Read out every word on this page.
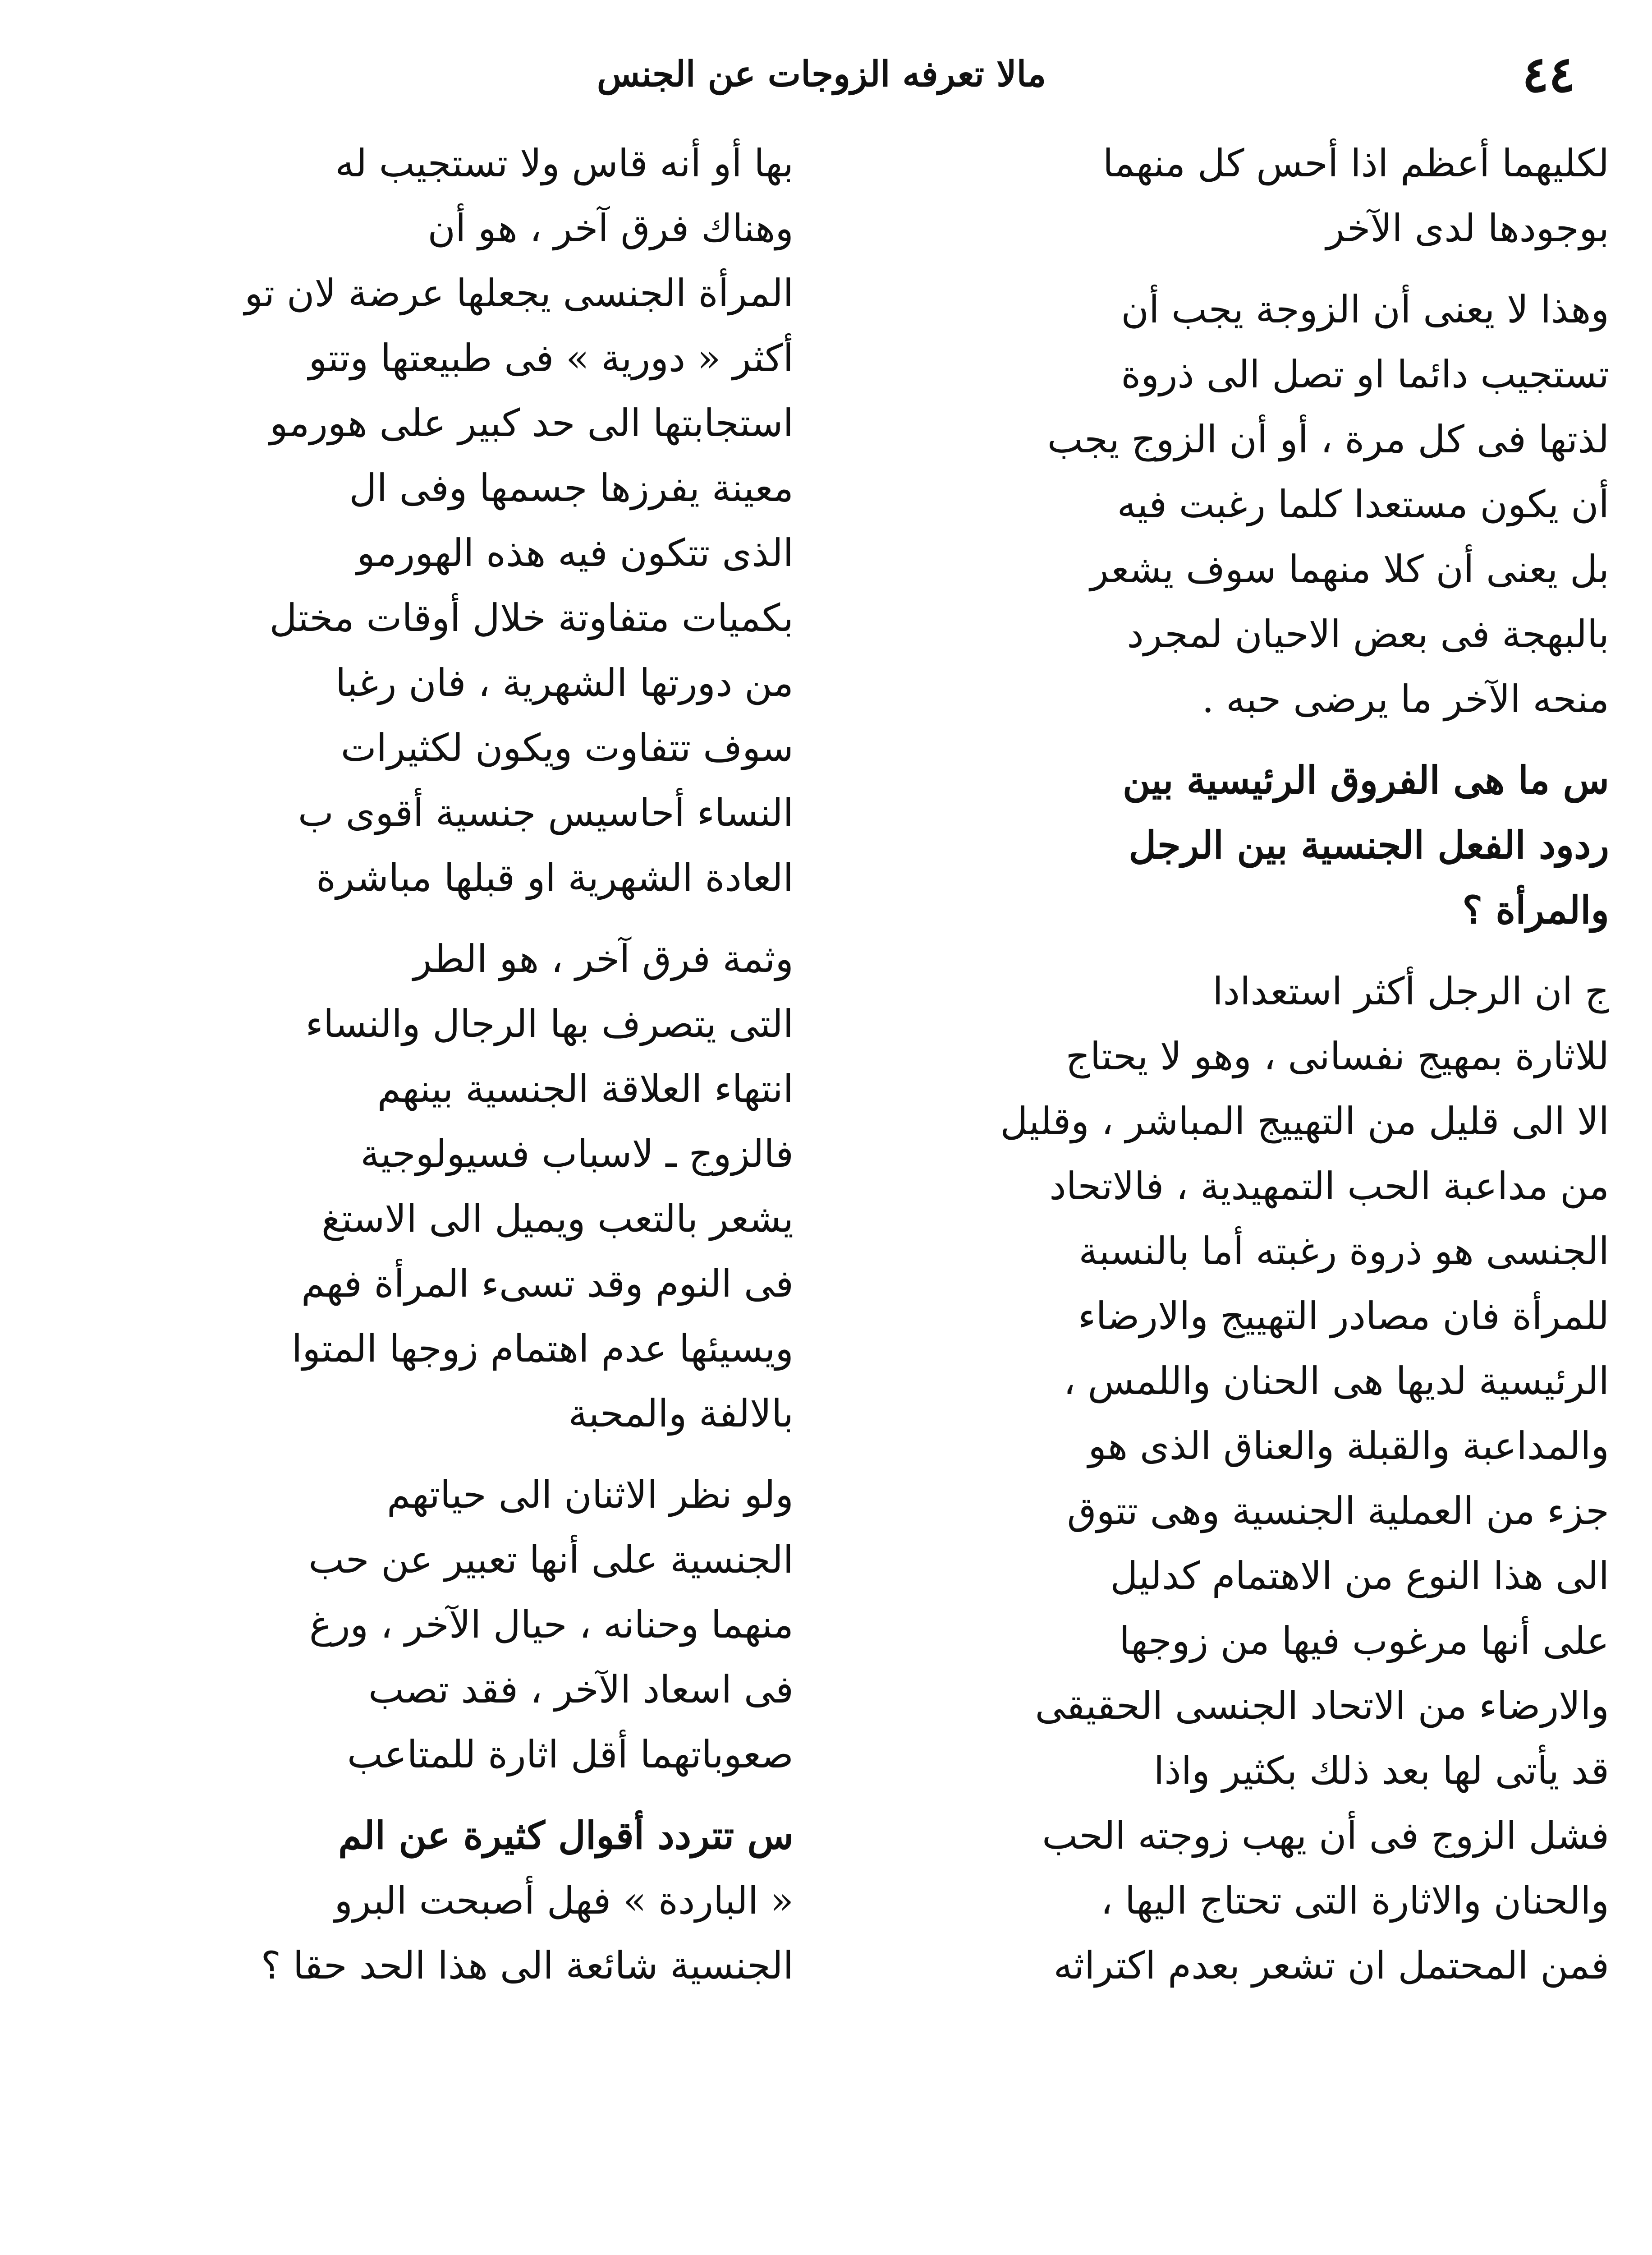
٤٤
مالا تعرفه الزوجات عن الجنس
لكليهما أعظم اذا أحس كل منهما
بوجودها لدى الآخر
وهذا لا يعنى أن الزوجة يجب أن
تستجيب دائما او تصل الى ذروة
لذتها فى كل مرة ، أو أن الزوج يجب
أن يكون مستعدا كلما رغبت فيه
بل يعنى أن كلا منهما سوف يشعر
بالبهجة فى بعض الاحيان لمجرد
منحه الآخر ما يرضى حبه .
س ما هى الفروق الرئيسية بين
ردود الفعل الجنسية بين الرجل
والمرأة ؟
ج ان الرجل أكثر استعدادا
للاثارة بمهيج نفسانى ، وهو لا يحتاج
الا الى قليل من التهييج المباشر ، وقليل
من مداعبة الحب التمهيدية ، فالاتحاد
الجنسى هو ذروة رغبته أما بالنسبة
للمرأة فان مصادر التهييج والارضاء
الرئيسية لديها هى الحنان واللمس ،
والمداعبة والقبلة والعناق الذى هو
جزء من العملية الجنسية وهى تتوق
الى هذا النوع من الاهتمام كدليل
على أنها مرغوب فيها من زوجها
والارضاء من الاتحاد الجنسى الحقيقى
قد يأتى لها بعد ذلك بكثير واذا
فشل الزوج فى أن يهب زوجته الحب
والحنان والاثارة التى تحتاج اليها ،
فمن المحتمل ان تشعر بعدم اكتراثه
بها أو أنه قاس ولا تستجيب له
وهناك فرق آخر ، هو أن
المرأة الجنسى يجعلها عرضة لان تو
أكثر « دورية » فى طبيعتها وتتو
استجابتها الى حد كبير على هورمو
معينة يفرزها جسمها وفى ال
الذى تتكون فيه هذه الهورمو
بكميات متفاوتة خلال أوقات مختل
من دورتها الشهرية ، فان رغبا
سوف تتفاوت ويكون لكثيرات
النساء أحاسيس جنسية أقوى ب
العادة الشهرية او قبلها مباشرة
وثمة فرق آخر ، هو الطر
التى يتصرف بها الرجال والنساء
انتهاء العلاقة الجنسية بينهم
فالزوج ـ لاسباب فسيولوجية
يشعر بالتعب ويميل الى الاستغ
فى النوم وقد تسىء المرأة فهم
ويسيئها عدم اهتمام زوجها المتوا
بالالفة والمحبة
ولو نظر الاثنان الى حياتهم
الجنسية على أنها تعبير عن حب
منهما وحنانه ، حيال الآخر ، ورغ
فى اسعاد الآخر ، فقد تصب
صعوباتهما أقل اثارة للمتاعب
س تتردد أقوال كثيرة عن الم
« الباردة » فهل أصبحت البرو
الجنسية شائعة الى هذا الحد حقا ؟
